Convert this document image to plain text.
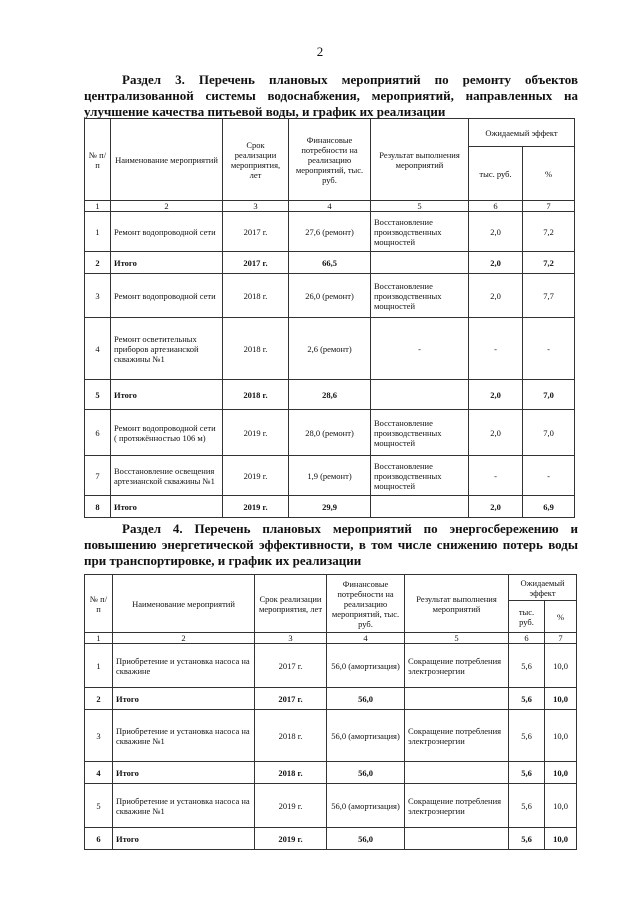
2
Раздел 3. Перечень плановых мероприятий по ремонту объектов централизованной системы водоснабжения, мероприятий, направленных на улучшение качества питьевой воды, и график их реализации
№ п/п	Наименование мероприятий	Срок реализации мероприятия, лет	Финансовые потребности на реализацию мероприятий, тыс. руб.	Результат выполнения мероприятий	Ожидаемый эффект	
					тыс. руб.	%
1	2	3	4	5	6	7
1	Ремонт водопроводной сети	2017 г.	27,6 (ремонт)	Восстановление производственных мощностей	2,0	7,2
2	Итого	2017 г.	66,5		2,0	7,2
3	Ремонт водопроводной сети	2018 г.	26,0 (ремонт)	Восстановление производственных мощностей	2,0	7,7
4	Ремонт осветительных приборов артезианской скважины №1	2018 г.	2,6 (ремонт)	-	-	-
5	Итого	2018 г.	28,6		2,0	7,0
6	Ремонт водопроводной сети ( протяжённостью 106 м)	2019 г.	28,0 (ремонт)	Восстановление производственных мощностей	2,0	7,0
7	Восстановление освещения артезианской скважины №1	2019 г.	1,9 (ремонт)	Восстановление производственных мощностей	-	-
8	Итого	2019 г.	29,9		2,0	6,9
Раздел 4. Перечень плановых мероприятий по энергосбережению и повышению энергетической эффективности, в том числе снижению потерь воды при транспортировке, и график их реализации
№ п/п	Наименование мероприятий	Срок реализации мероприятия, лет	Финансовые потребности на реализацию мероприятий, тыс. руб.	Результат выполнения мероприятий	Ожидаемый эффект	
					тыс. руб.	%
1	2	3	4	5	6	7
1	Приобретение и установка насоса на скважине	2017 г.	56,0 (амортизация)	Сокращение потребления электроэнергии	5,6	10,0
2	Итого	2017 г.	56,0		5,6	10,0
3	Приобретение и установка насоса на скважине №1	2018 г.	56,0 (амортизация)	Сокращение потребления электроэнергии	5,6	10,0
4	Итого	2018 г.	56,0		5,6	10,0
5	Приобретение и установка насоса на скважине №1	2019 г.	56,0 (амортизация)	Сокращение потребления электроэнергии	5,6	10,0
6	Итого	2019 г.	56,0		5,6	10,0
